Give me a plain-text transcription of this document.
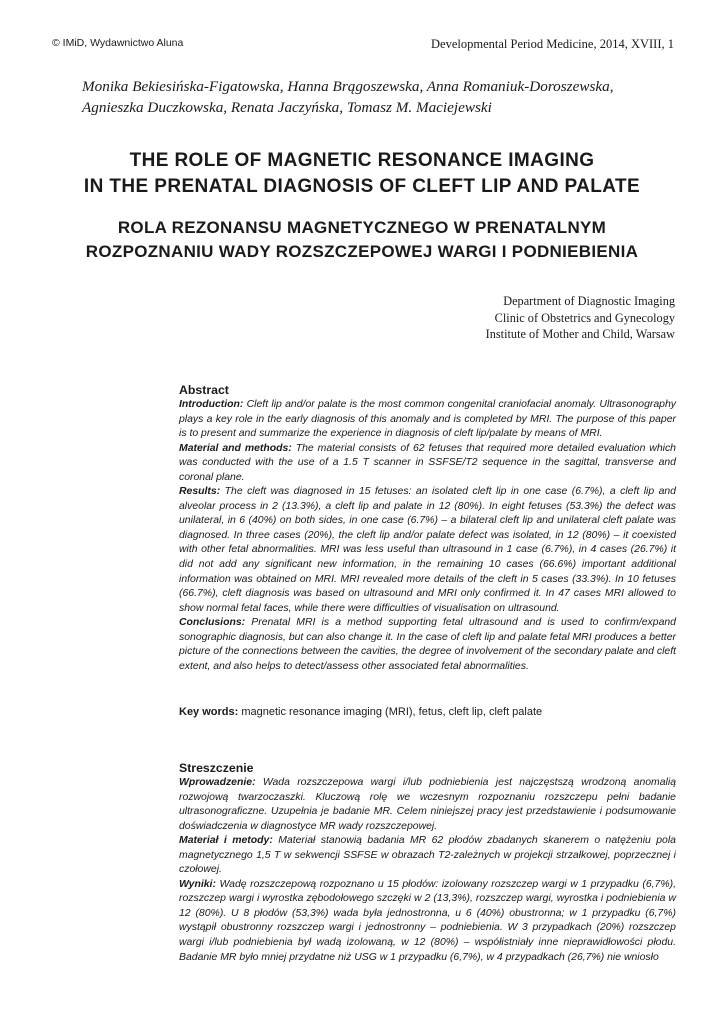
© IMiD, Wydawnictwo Aluna	Developmental Period Medicine, 2014, XVIII, 1
Monika Bekiesińska-Figatowska, Hanna Brągoszewska, Anna Romaniuk-Doroszewska,
Agnieszka Duczkowska, Renata Jaczyńska, Tomasz M. Maciejewski
THE ROLE OF MAGNETIC RESONANCE IMAGING
IN THE PRENATAL DIAGNOSIS OF CLEFT LIP AND PALATE
ROLA REZONANSU MAGNETYCZNEGO W PRENATALNYM
ROZPOZNANIU WADY ROZSZCZEPOWEJ WARGI I PODNIEBIENIA
Department of Diagnostic Imaging
Clinic of Obstetrics and Gynecology
Institute of Mother and Child, Warsaw
Abstract

Introduction: Cleft lip and/or palate is the most common congenital craniofacial anomaly. Ultrasonography plays a key role in the early diagnosis of this anomaly and is completed by MRI. The purpose of this paper is to present and summarize the experience in diagnosis of cleft lip/palate by means of MRI.

Material and methods: The material consists of 62 fetuses that required more detailed evaluation which was conducted with the use of a 1.5 T scanner in SSFSE/T2 sequence in the sagittal, transverse and coronal plane.

Results: The cleft was diagnosed in 15 fetuses: an isolated cleft lip in one case (6.7%), a cleft lip and alveolar process in 2 (13.3%), a cleft lip and palate in 12 (80%). In eight fetuses (53.3%) the defect was unilateral, in 6 (40%) on both sides, in one case (6.7%) – a bilateral cleft lip and unilateral cleft palate was diagnosed. In three cases (20%), the cleft lip and/or palate defect was isolated, in 12 (80%) – it coexisted with other fetal abnormalities. MRI was less useful than ultrasound in 1 case (6.7%), in 4 cases (26.7%) it did not add any significant new information, in the remaining 10 cases (66.6%) important additional information was obtained on MRI. MRI revealed more details of the cleft in 5 cases (33.3%). In 10 fetuses (66.7%), cleft diagnosis was based on ultrasound and MRI only confirmed it. In 47 cases MRI allowed to show normal fetal faces, while there were difficulties of visualisation on ultrasound.

Conclusions: Prenatal MRI is a method supporting fetal ultrasound and is used to confirm/expand sonographic diagnosis, but can also change it. In the case of cleft lip and palate fetal MRI produces a better picture of the connections between the cavities, the degree of involvement of the secondary palate and cleft extent, and also helps to detect/assess other associated fetal abnormalities.

Key words: magnetic resonance imaging (MRI), fetus, cleft lip, cleft palate
Streszczenie

Wprowadzenie: Wada rozszczepowa wargi i/lub podniebienia jest najczęstszą wrodzoną anomalią rozwojową twarzoczaszki. Kluczową rolę we wczesnym rozpoznaniu rozszczepu pełni badanie ultrasonograficzne. Uzupełnia je badanie MR. Celem niniejszej pracy jest przedstawienie i podsumowanie doświadczenia w diagnostyce MR wady rozszczepowej.

Materiał i metody: Materiał stanowią badania MR 62 płodów zbadanych skanerem o natężeniu pola magnetycznego 1,5 T w sekwencji SSFSE w obrazach T2-zależnych w projekcji strzałkowej, poprzecznej i czołowej.

Wyniki: Wadę rozszczepową rozpoznano u 15 płodów: izolowany rozszczep wargi w 1 przypadku (6,7%), rozszczep wargi i wyrostka zębodołowego szczęki w 2 (13,3%), rozszczep wargi, wyrostka i podniebienia w 12 (80%). U 8 płodów (53,3%) wada była jednostronna, u 6 (40%) obustronna; w 1 przypadku (6,7%) wystąpił obustronny rozszczep wargi i jednostronny – podniebienia. W 3 przypadkach (20%) rozszczep wargi i/lub podniebienia był wadą izolowaną, w 12 (80%) – współistniały inne nieprawidłowości płodu. Badanie MR było mniej przydatne niż USG w 1 przypadku (6,7%), w 4 przypadkach (26,7%) nie wniosło
